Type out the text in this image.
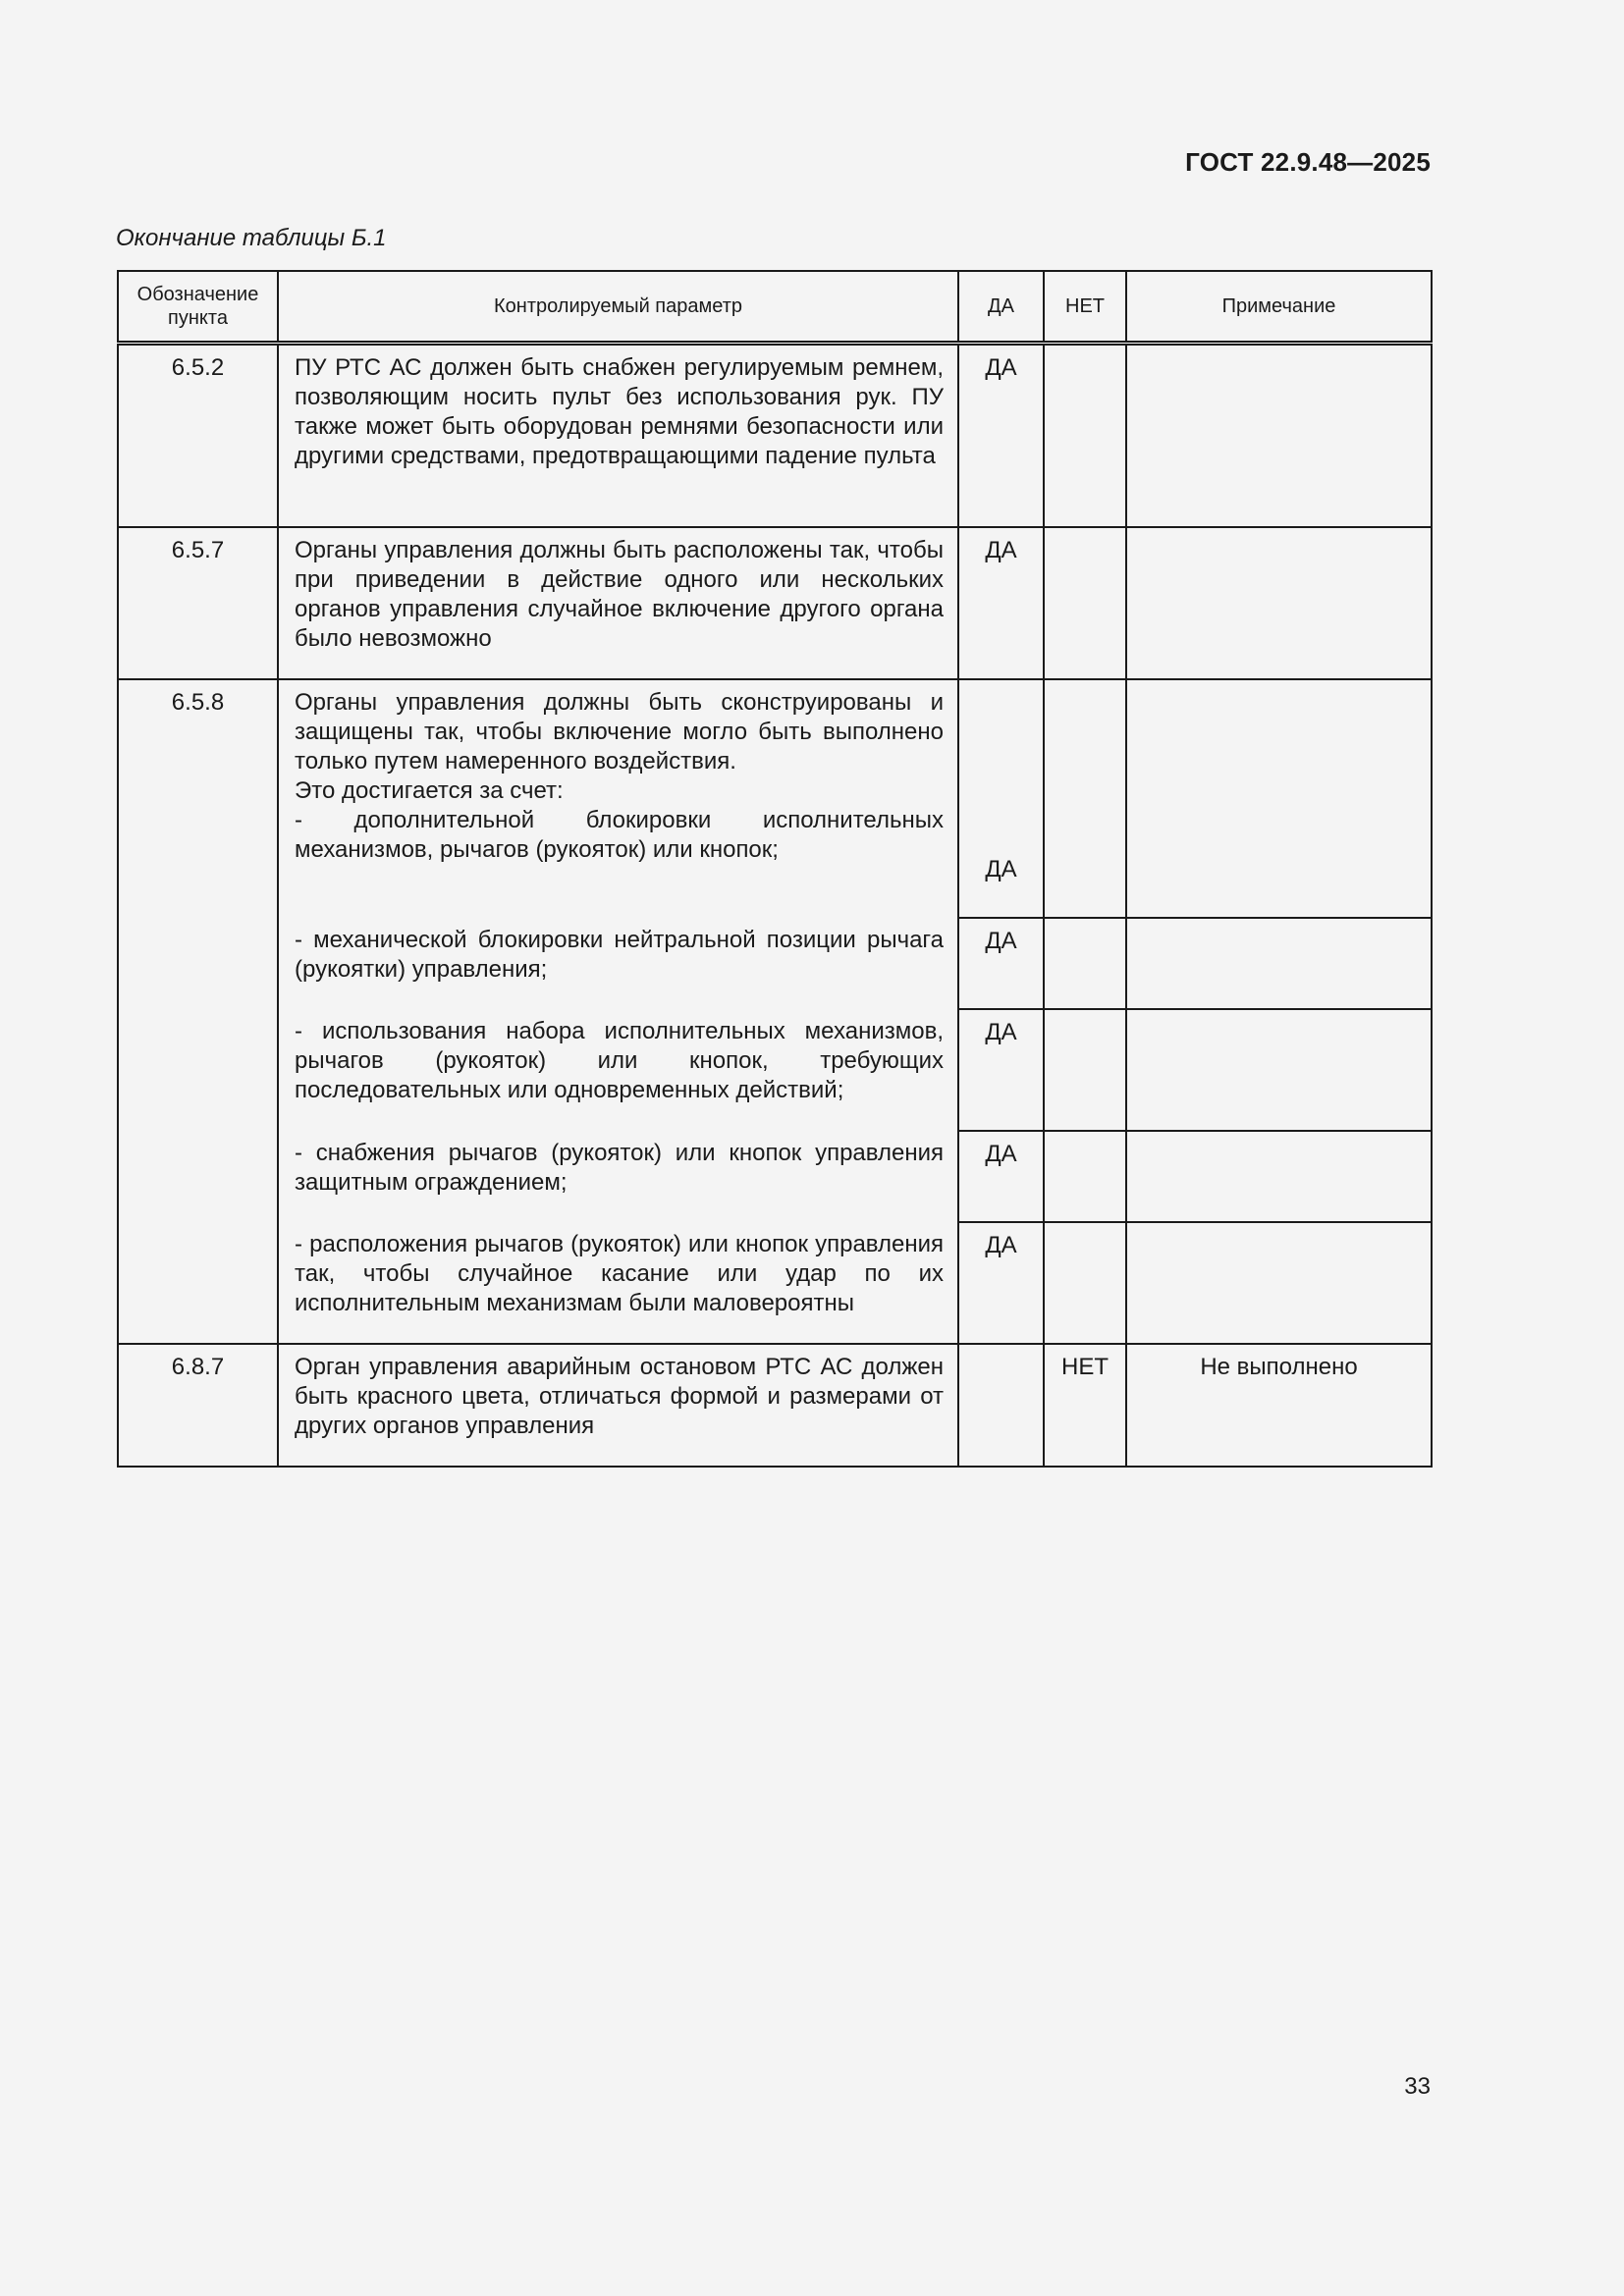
ГОСТ 22.9.48—2025
Окончание таблицы Б.1
Обозначение пункта	Контролируемый параметр	ДА	НЕТ	Примечание
6.5.2	ПУ РТС АС должен быть снабжен регулируемым ремнем, позволяющим носить пульт без использования рук. ПУ также может быть оборудован ремнями безопасности или другими средствами, предотвращающими падение пульта	ДА		
6.5.7	Органы управления должны быть расположены так, чтобы при приведении в действие одного или нескольких органов управления случайное включение другого органа было невозможно	ДА		
6.5.8	Органы управления должны быть сконструированы и защищены так, чтобы включение могло быть выполнено только путем намеренного воздействия.
Это достигается за счет:
- дополнительной блокировки исполнительных механизмов, рычагов (рукояток) или кнопок;	ДА		
	- механической блокировки нейтральной позиции рычага (рукоятки) управления;	ДА		
	- использования набора исполнительных механизмов, рычагов (рукояток) или кнопок, требующих последовательных или одновременных действий;	ДА		
	- снабжения рычагов (рукояток) или кнопок управления защитным ограждением;	ДА		
	- расположения рычагов (рукояток) или кнопок управления так, чтобы случайное касание или удар по их исполнительным механизмам были маловероятны	ДА		
6.8.7	Орган управления аварийным остановом РТС АС должен быть красного цвета, отличаться формой и размерами от других органов управления		НЕТ	Не выполнено
33
